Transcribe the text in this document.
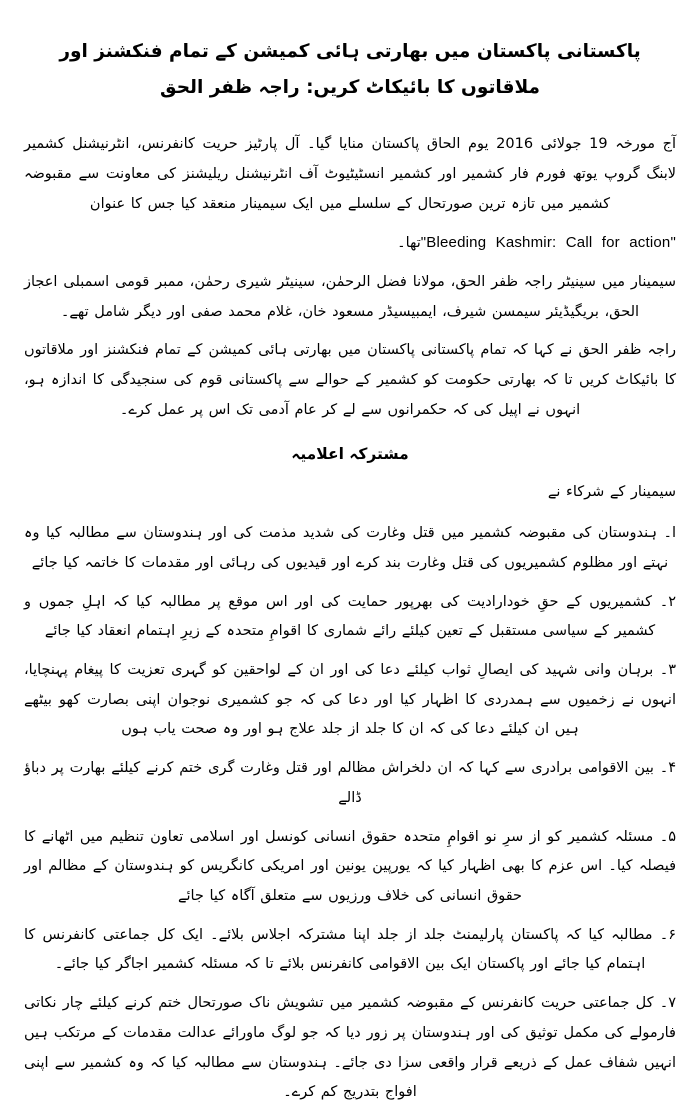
پاکستانی پاکستان میں بھارتی ہائی کمیشن کے تمام فنکشنز اور ملاقاتوں کا بائیکاٹ کریں: راجہ ظفر الحق

آج مورخہ 19 جولائی 2016 یوم الحاق پاکستان منایا گیا۔ آل پارٹیز حریت کانفرنس، انٹرنیشنل کشمیر لابنگ گروپ یوتھ فورم فار کشمیر اور کشمیر انسٹیٹیوٹ آف انٹرنیشنل ریلیشنز کی معاونت سے مقبوضہ کشمیر میں تازہ ترین صورتحال کے سلسلے میں ایک سیمینار منعقد کیا جس کا عنوان

"Bleeding Kashmir: Call for action"تھا۔

سیمینار میں سینیٹر راجہ ظفر الحق، مولانا فضل الرحمٰن، سینیٹر شیری رحمٰن، ممبر قومی اسمبلی اعجاز الحق، بریگیڈیئر سیمسن شیرف، ایمبیسیڈر مسعود خان، غلام محمد صفی اور دیگر شامل تھے۔

راجہ ظفر الحق نے کہا کہ تمام پاکستانی پاکستان میں بھارتی ہائی کمیشن کے تمام فنکشنز اور ملاقاتوں کا بائیکاٹ کریں تا کہ بھارتی حکومت کو کشمیر کے حوالے سے پاکستانی قوم کی سنجیدگی کا اندازہ ہو، انہوں نے اپیل کی کہ حکمرانوں سے لے کر عام آدمی تک اس پر عمل کرے۔

مشترکہ اعلامیہ

سیمینار کے شرکاء نے

ا۔ ہندوستان کی مقبوضہ کشمیر میں قتل وغارت کی شدید مذمت کی اور ہندوستان سے مطالبہ کیا وہ نہتے اور مظلوم کشمیریوں کی قتل وغارت بند کرے اور قیدیوں کی رہائی اور مقدمات کا خاتمہ کیا جائے

۲۔ کشمیریوں کے حقِ خودارادیت کی بھرپور حمایت کی اور اس موقع پر مطالبہ کیا کہ اہلِ جموں و کشمیر کے سیاسی مستقبل کے تعین کیلئے رائے شماری کا اقوامِ متحدہ کے زیرِ اہتمام انعقاد کیا جائے

۳۔ برہان وانی شہید کی ایصالِ ثواب کیلئے دعا کی اور ان کے لواحقین کو گہری تعزیت کا پیغام پہنچایا، انہوں نے زخمیوں سے ہمدردی کا اظہار کیا اور دعا کی کہ جو کشمیری نوجوان اپنی بصارت کھو بیٹھے ہیں ان کیلئے دعا کی کہ ان کا جلد از جلد علاج ہو اور وہ صحت یاب ہوں

۴۔ بین الاقوامی برادری سے کہا کہ ان دلخراش مظالم اور قتل وغارت گری ختم کرنے کیلئے بھارت پر دباؤ ڈالے

۵۔ مسئلہ کشمیر کو از سرِ نو اقوامِ متحدہ حقوق انسانی کونسل اور اسلامی تعاون تنظیم میں اٹھانے کا فیصلہ کیا۔ اس عزم کا بھی اظہار کیا کہ یورپین یونین اور امریکی کانگریس کو ہندوستان کے مظالم اور حقوق انسانی کی خلاف ورزیوں سے متعلق آگاہ کیا جائے

۶۔ مطالبہ کیا کہ پاکستان پارلیمنٹ جلد از جلد اپنا مشترکہ اجلاس بلائے۔ ایک کل جماعتی کانفرنس کا اہتمام کیا جائے اور پاکستان ایک بین الاقوامی کانفرنس بلائے تا کہ مسئلہ کشمیر اجاگر کیا جائے۔

۷۔ کل جماعتی حریت کانفرنس کے مقبوضہ کشمیر میں تشویش ناک صورتحال ختم کرنے کیلئے چار نکاتی فارمولے کی مکمل توثیق کی اور ہندوستان پر زور دیا کہ جو لوگ ماورائے عدالت مقدمات کے مرتکب ہیں انہیں شفاف عمل کے ذریعے قرار واقعی سزا دی جائے۔ ہندوستان سے مطالبہ کیا کہ وہ کشمیر سے اپنی افواج بتدریج کم کرے۔
